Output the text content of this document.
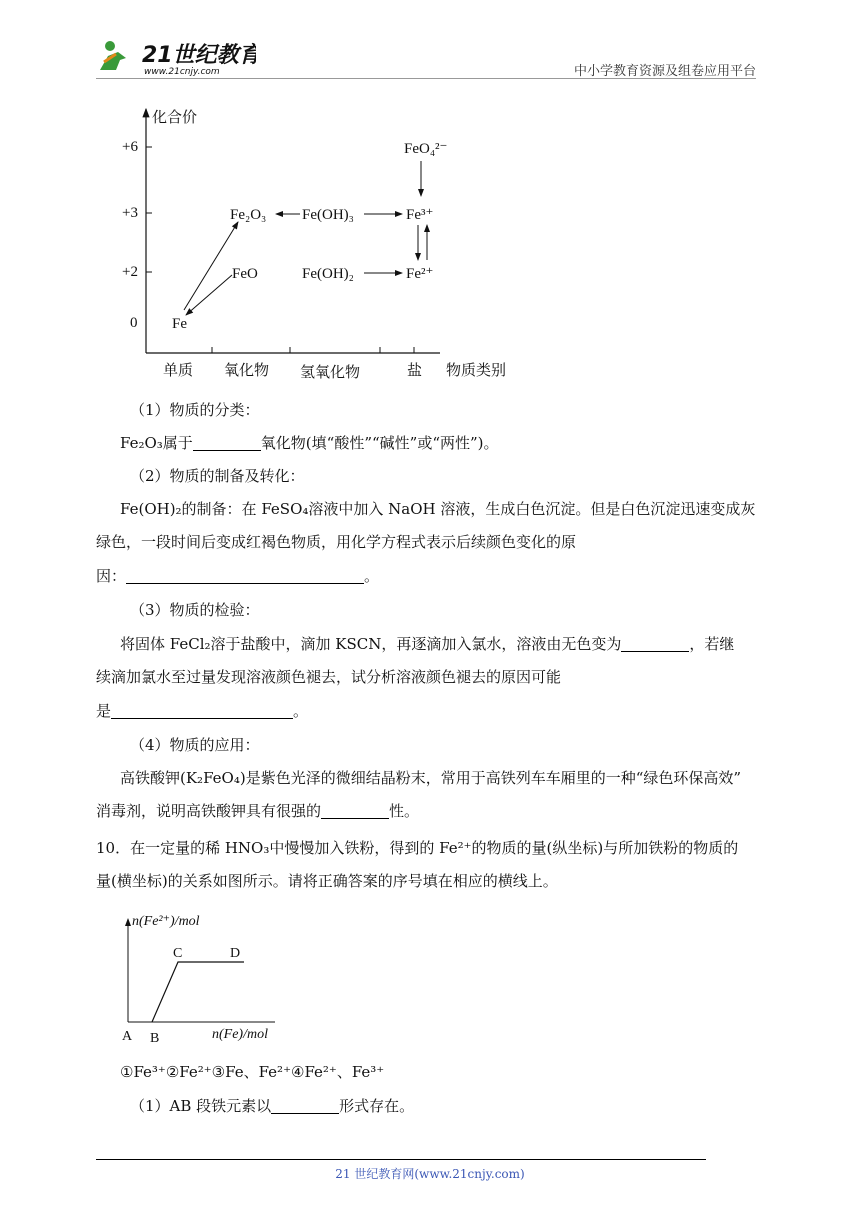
21世纪教育
www.21cnjy.com	中小学教育资源及组卷应用平台
化合价
+6
+3
+2
0
单质 氧化物 氢氧化物	盐 物质类别
Fe
FeO
Fe₂O₃ Fe(OH)₃
Fe(OH)₂
Fe³⁺
Fe²⁺
FeO₄²⁻
（1）物质的分类：
Fe₂O₃属于	氧化物(填“酸性”“碱性”或“两性”)。
（2）物质的制备及转化：
Fe(OH)₂的制备：在 FeSO₄溶液中加入 NaOH 溶液，生成白色沉淀。但是白色沉淀迅速变成灰
绿色，一段时间后变成红褐色物质，用化学方程式表示后续颜色变化的原
因：	。
（3）物质的检验：
将固体 FeCl₂溶于盐酸中，滴加 KSCN，再逐滴加入氯水，溶液由无色变为	，若继
续滴加氯水至过量发现溶液颜色褪去，试分析溶液颜色褪去的原因可能
是	。
（4）物质的应用：
高铁酸钾(K₂FeO₄)是紫色光泽的微细结晶粉末，常用于高铁列车车厢里的一种“绿色环保高效”
消毒剂，说明高铁酸钾具有很强的	性。
10．在一定量的稀 HNO₃中慢慢加入铁粉，得到的 Fe²⁺的物质的量(纵坐标)与所加铁粉的物质的
量(横坐标)的关系如图所示。请将正确答案的序号填在相应的横线上。
n(Fe²⁺)/mol
n(Fe)/mol
A B
C	D
①Fe³⁺②Fe²⁺③Fe、Fe²⁺④Fe²⁺、Fe³⁺
（1）AB 段铁元素以	形式存在。
21 世纪教育网(www.21cnjy.com)
